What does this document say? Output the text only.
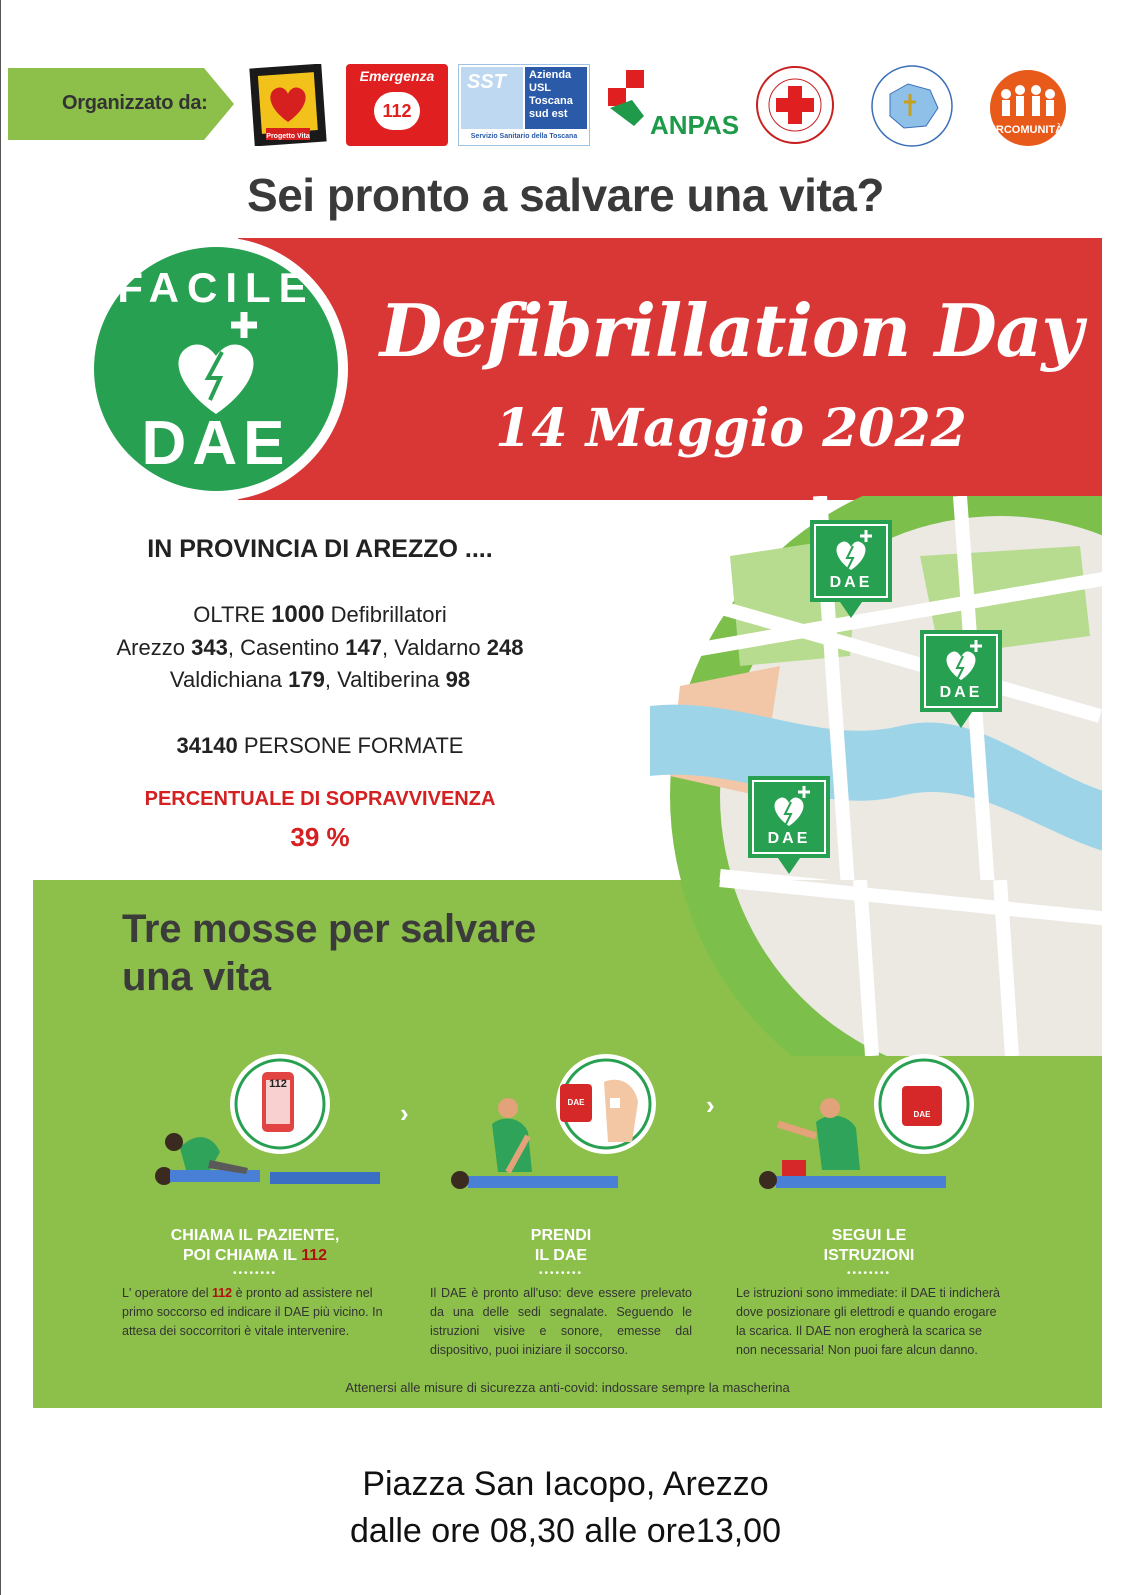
Organizzato da:
Progetto Vita
Emergenza
112
SST Azienda
USL
Toscana
sud est
Servizio Sanitario della Toscana	ANPAS	IRCOMUNITÀ
Sei pronto a salvare una vita?
Defibrillation Day
14 Maggio 2022
DAE
DAE
DAE
FACILE
DAE
IN PROVINCIA DI AREZZO ....
OLTRE 1000 Defibrillatori
Arezzo 343, Casentino 147, Valdarno 248
Valdichiana 179, Valtiberina 98
34140 PERSONE FORMATE
PERCENTUALE DI SOPRAVVIVENZA
39 %
Tre mosse per salvare
una vita
112
›	DAE	›	DAE
CHIAMA IL PAZIENTE,
POI CHIAMA IL 112
••••••••
L' operatore del 112 è pronto ad assistere nel primo soccorso ed indicare il DAE più vicino. In attesa dei soccorritori è vitale intervenire.
PRENDI
IL DAE
••••••••
Il DAE è pronto all'uso: deve essere prelevato da una delle sedi segnalate. Seguendo le istruzioni visive e sonore, emesse dal dispositivo, puoi iniziare il soccorso.
SEGUI LE
ISTRUZIONI
••••••••
Le istruzioni sono immediate: il DAE ti indicherà dove posizionare gli elettrodi e quando erogare la scarica. Il DAE non erogherà la scarica se non necessaria! Non puoi fare alcun danno.
Attenersi alle misure di sicurezza anti-covid: indossare sempre la mascherina
Piazza San Iacopo, Arezzo
dalle ore 08,30 alle ore13,00
